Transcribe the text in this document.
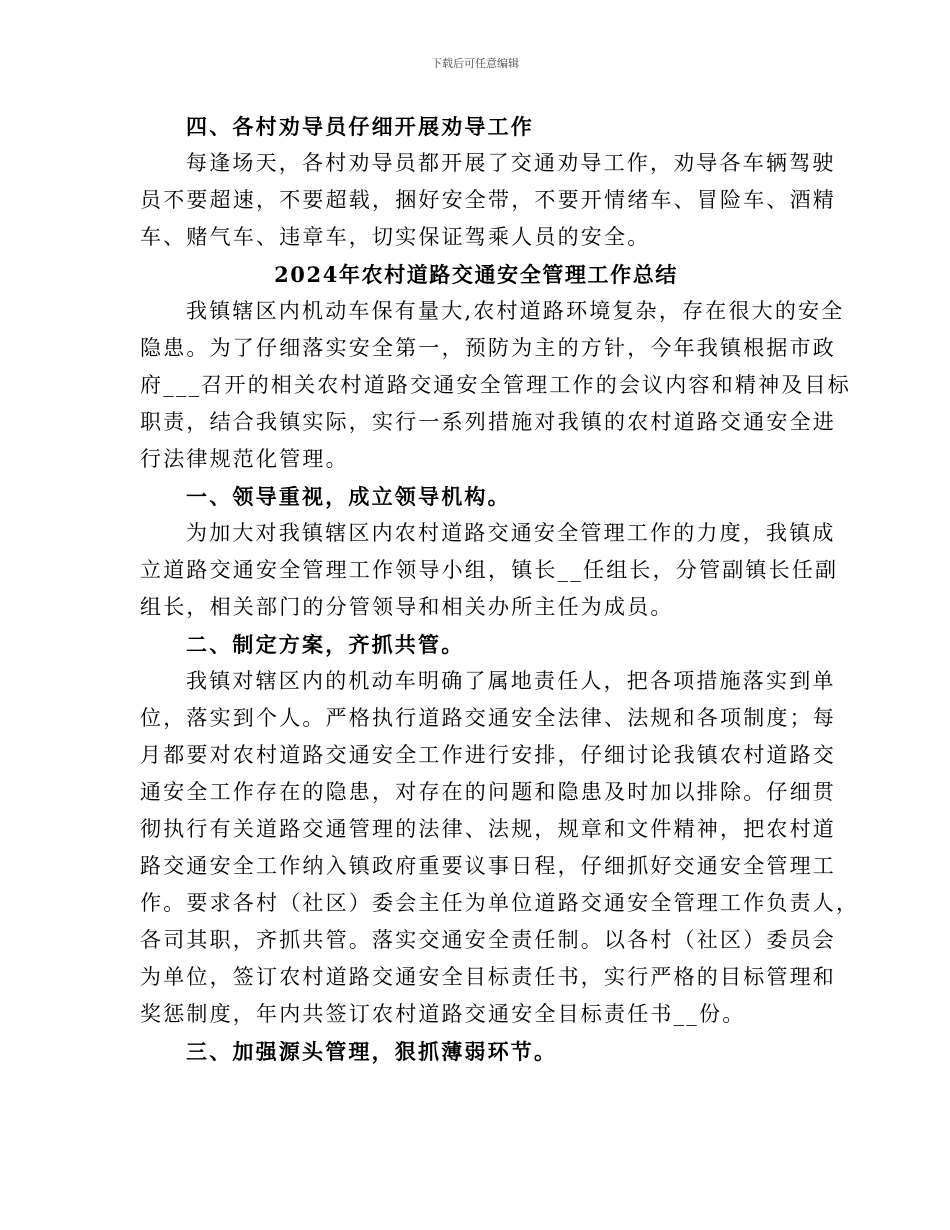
下载后可任意编辑

四、各村劝导员仔细开展劝导工作

每逢场天，各村劝导员都开展了交通劝导工作，劝导各车辆驾驶

员不要超速，不要超载，捆好安全带，不要开情绪车、冒险车、酒精

车、赌气车、违章车，切实保证驾乘人员的安全。

2024年农村道路交通安全管理工作总结

我镇辖区内机动车保有量大,农村道路环境复杂，存在很大的安全

隐患。为了仔细落实安全第一，预防为主的方针，今年我镇根据市政

府___召开的相关农村道路交通安全管理工作的会议内容和精神及目标

职责，结合我镇实际，实行一系列措施对我镇的农村道路交通安全进

行法律规范化管理。

一、领导重视，成立领导机构。

为加大对我镇辖区内农村道路交通安全管理工作的力度，我镇成

立道路交通安全管理工作领导小组，镇长__任组长，分管副镇长任副

组长，相关部门的分管领导和相关办所主任为成员。

二、制定方案，齐抓共管。

我镇对辖区内的机动车明确了属地责任人，把各项措施落实到单

位，落实到个人。严格执行道路交通安全法律、法规和各项制度；每

月都要对农村道路交通安全工作进行安排，仔细讨论我镇农村道路交

通安全工作存在的隐患，对存在的问题和隐患及时加以排除。仔细贯

彻执行有关道路交通管理的法律、法规，规章和文件精神，把农村道

路交通安全工作纳入镇政府重要议事日程，仔细抓好交通安全管理工

作。要求各村（社区）委会主任为单位道路交通安全管理工作负责人，

各司其职，齐抓共管。落实交通安全责任制。以各村（社区）委员会

为单位，签订农村道路交通安全目标责任书，实行严格的目标管理和

奖惩制度，年内共签订农村道路交通安全目标责任书__份。

三、加强源头管理，狠抓薄弱环节。
